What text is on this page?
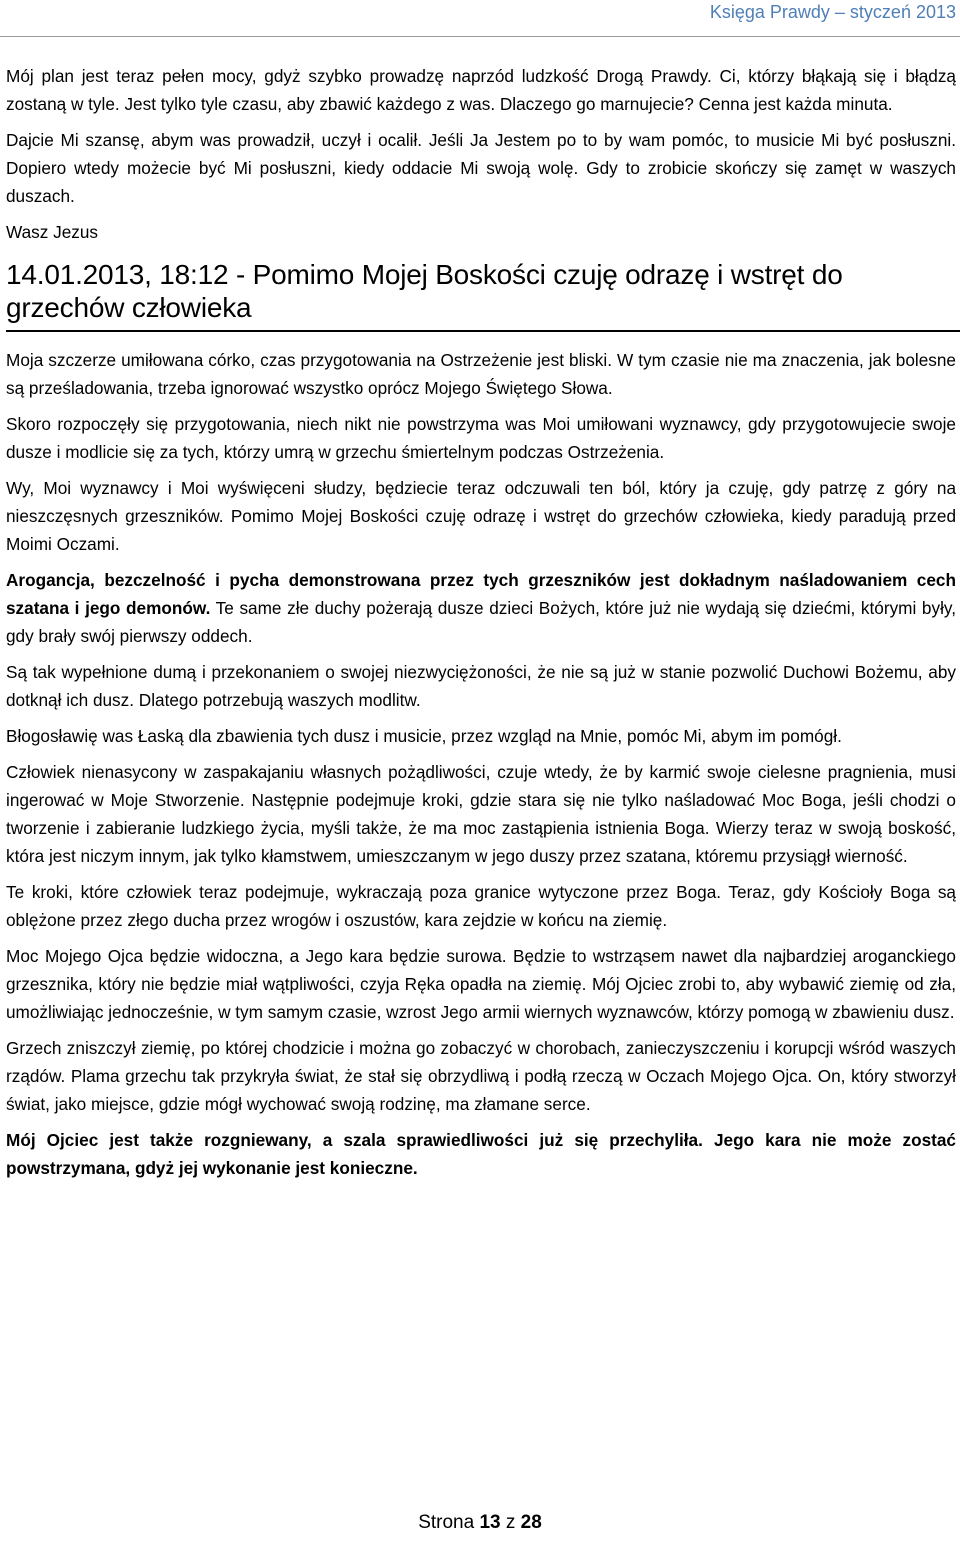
Księga Prawdy – styczeń 2013

Mój plan jest teraz pełen mocy, gdyż szybko prowadzę naprzód ludzkość Drogą Prawdy. Ci, którzy błąkają się i błądzą zostaną w tyle. Jest tylko tyle czasu, aby zbawić każdego z was. Dlaczego go marnujecie? Cenna jest każda minuta.

Dajcie Mi szansę, abym was prowadził, uczył i ocalił. Jeśli Ja Jestem po to by wam pomóc, to musicie Mi być posłuszni. Dopiero wtedy możecie być Mi posłuszni, kiedy oddacie Mi swoją wolę. Gdy to zrobicie skończy się zamęt w waszych duszach.

Wasz Jezus

14.01.2013, 18:12 - Pomimo Mojej Boskości czuję odrazę i wstręt do grzechów człowieka

Moja szczerze umiłowana córko, czas przygotowania na Ostrzeżenie jest bliski. W tym czasie nie ma znaczenia, jak bolesne są prześladowania, trzeba ignorować wszystko oprócz Mojego Świętego Słowa.

Skoro rozpoczęły się przygotowania, niech nikt nie powstrzyma was Moi umiłowani wyznawcy, gdy przygotowujecie swoje dusze i modlicie się za tych, którzy umrą w grzechu śmiertelnym podczas Ostrzeżenia.

Wy, Moi wyznawcy i Moi wyświęceni słudzy, będziecie teraz odczuwali ten ból, który ja czuję, gdy patrzę z góry na nieszczęsnych grzeszników. Pomimo Mojej Boskości czuję odrazę i wstręt do grzechów człowieka, kiedy paradują przed Moimi Oczami.

Arogancja, bezczelność i pycha demonstrowana przez tych grzeszników jest dokładnym naśladowaniem cech szatana i jego demonów. Te same złe duchy pożerają dusze dzieci Bożych, które już nie wydają się dziećmi, którymi były, gdy brały swój pierwszy oddech.

Są tak wypełnione dumą i przekonaniem o swojej niezwyciężoności, że nie są już w stanie pozwolić Duchowi Bożemu, aby dotknął ich dusz. Dlatego potrzebują waszych modlitw.

Błogosławię was Łaską dla zbawienia tych dusz i musicie, przez wzgląd na Mnie, pomóc Mi, abym im pomógł.

Człowiek nienasycony w zaspakajaniu własnych pożądliwości, czuje wtedy, że by karmić swoje cielesne pragnienia, musi ingerować w Moje Stworzenie. Następnie podejmuje kroki, gdzie stara się nie tylko naśladować Moc Boga, jeśli chodzi o tworzenie i zabieranie ludzkiego życia, myśli także, że ma moc zastąpienia istnienia Boga. Wierzy teraz w swoją boskość, która jest niczym innym, jak tylko kłamstwem, umieszczanym w jego duszy przez szatana, któremu przysiągł wierność.

Te kroki, które człowiek teraz podejmuje, wykraczają poza granice wytyczone przez Boga. Teraz, gdy Kościoły Boga są oblężone przez złego ducha przez wrogów i oszustów, kara zejdzie w końcu na ziemię.

Moc Mojego Ojca będzie widoczna, a Jego kara będzie surowa. Będzie to wstrząsem nawet dla najbardziej aroganckiego grzesznika, który nie będzie miał wątpliwości, czyja Ręka opadła na ziemię. Mój Ojciec zrobi to, aby wybawić ziemię od zła, umożliwiając jednocześnie, w tym samym czasie, wzrost Jego armii wiernych wyznawców, którzy pomogą w zbawieniu dusz.

Grzech zniszczył ziemię, po której chodzicie i można go zobaczyć w chorobach, zanieczyszczeniu i korupcji wśród waszych rządów. Plama grzechu tak przykryła świat, że stał się obrzydliwą i podłą rzeczą w Oczach Mojego Ojca. On, który stworzył świat, jako miejsce, gdzie mógł wychować swoją rodzinę, ma złamane serce.

Mój Ojciec jest także rozgniewany, a szala sprawiedliwości już się przechyliła. Jego kara nie może zostać powstrzymana, gdyż jej wykonanie jest konieczne.

Strona 13 z 28
